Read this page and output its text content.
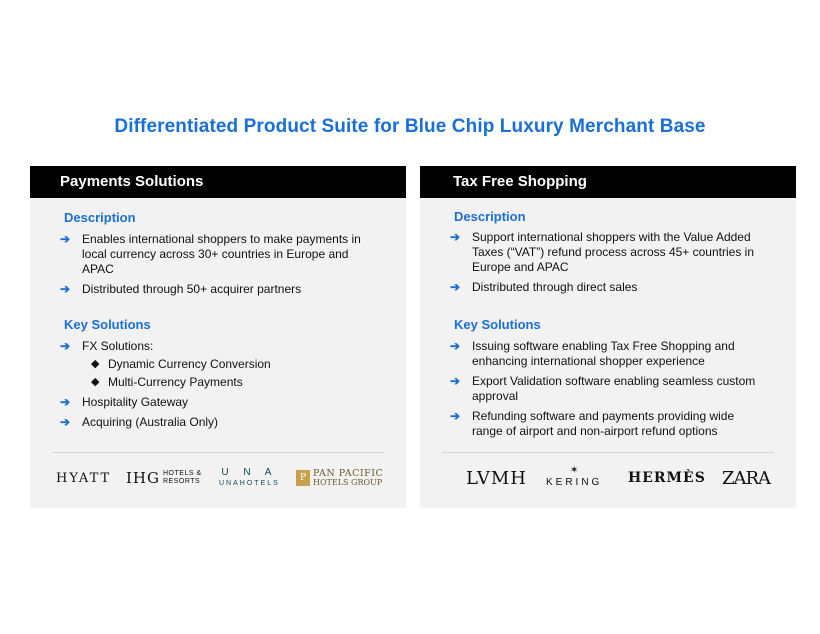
Differentiated Product Suite for Blue Chip Luxury Merchant Base
Payments Solutions
Description
➔ Enables international shoppers to make payments in local currency across 30+ countries in Europe and APAC
➔ Distributed through 50+ acquirer partners
Key Solutions
➔ FX Solutions:
◆ Dynamic Currency Conversion
◆ Multi-Currency Payments
➔ Hospitality Gateway
➔ Acquiring (Australia Only)
HYATT IHG HOTELS &
RESORTS
U N A
UNAHOTELS
P PAN PACIFIC
HOTELS GROUP
Tax Free Shopping
Description
➔ Support international shoppers with the Value Added Taxes (“VAT”) refund process across 45+ countries in Europe and APAC
➔ Distributed through direct sales
Key Solutions
➔ Issuing software enabling Tax Free Shopping and enhancing international shopper experience
➔ Export Validation software enabling seamless custom approval
➔ Refunding software and payments providing wide range of airport and non-airport refund options
LVMH	✶
KERING HERMÈS ZARA
